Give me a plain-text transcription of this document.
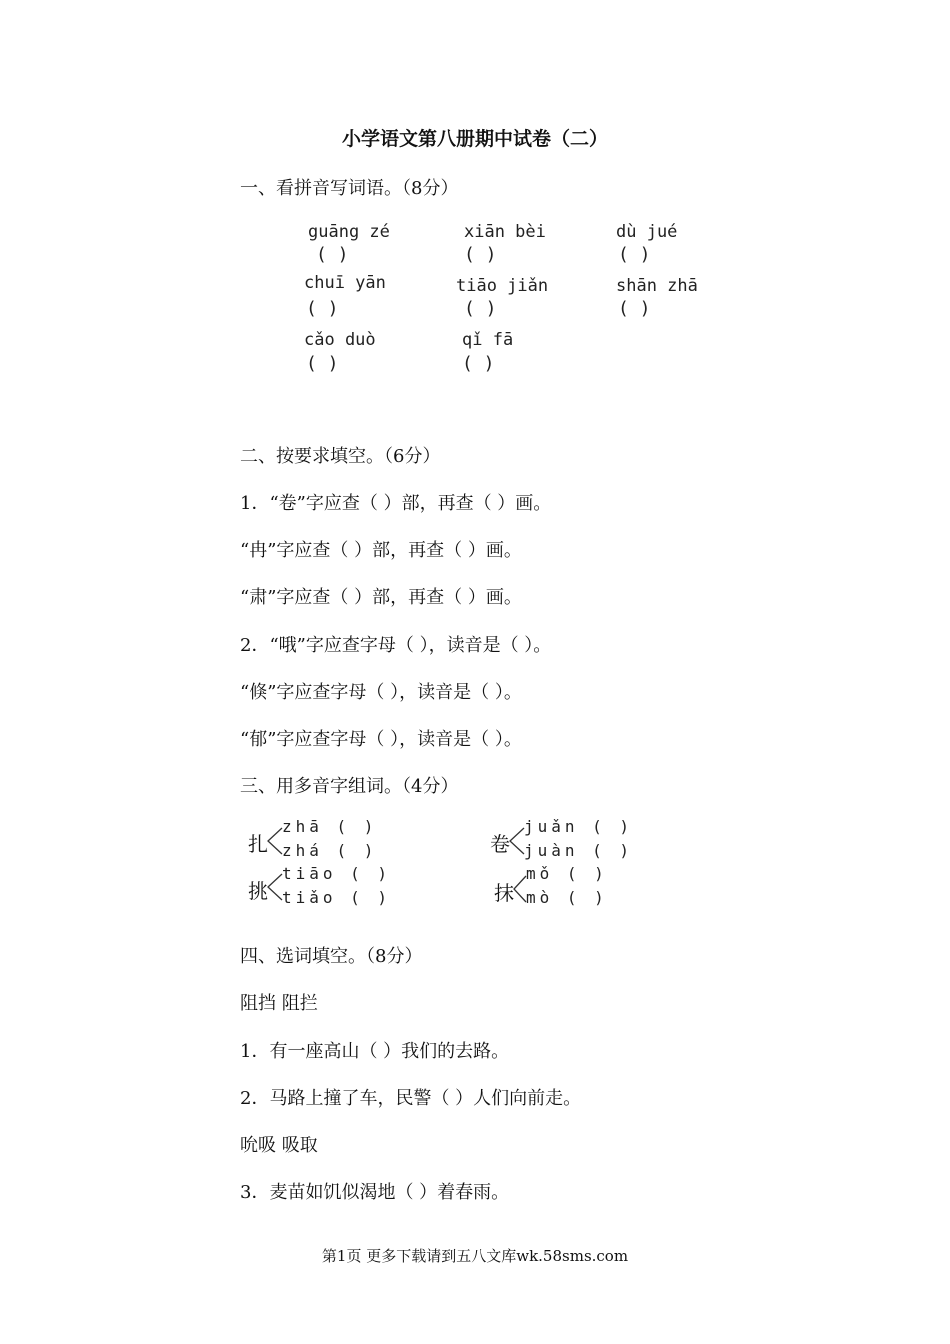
小学语文第八册期中试卷（二）
一、看拼音写词语。（8分）
guāng zé
( )
xiān bèi
( )
dù jué
( )
chuī yān
( )
tiāo jiǎn
( )
shān zhā
( )
cǎo duò
( )
qǐ fā
( )
二、按要求填空。（6分）
1．“卷”字应查（ ）部，再查（ ）画。
“冉”字应查（ ）部，再查（ ）画。
“肃”字应查（ ）部，再查（ ）画。
2．“哦”字应查字母（ ），读音是（ ）。
“倏”字应查字母（ ），读音是（ ）。
“郁”字应查字母（ ），读音是（ ）。
三、用多音字组词。（4分）
扎
zhā ( )
zhá ( )
挑
tiāo ( )
tiǎo ( )
卷
juǎn ( )
juàn ( )
抹
mǒ ( )
mò ( )
四、选词填空。（8分）
阻挡 阻拦
1．有一座高山（ ）我们的去路。
2．马路上撞了车，民警（ ）人们向前走。
吮吸 吸取
3．麦苗如饥似渴地（ ）着春雨。
第1页 更多下载请到五八文库wk.58sms.com
